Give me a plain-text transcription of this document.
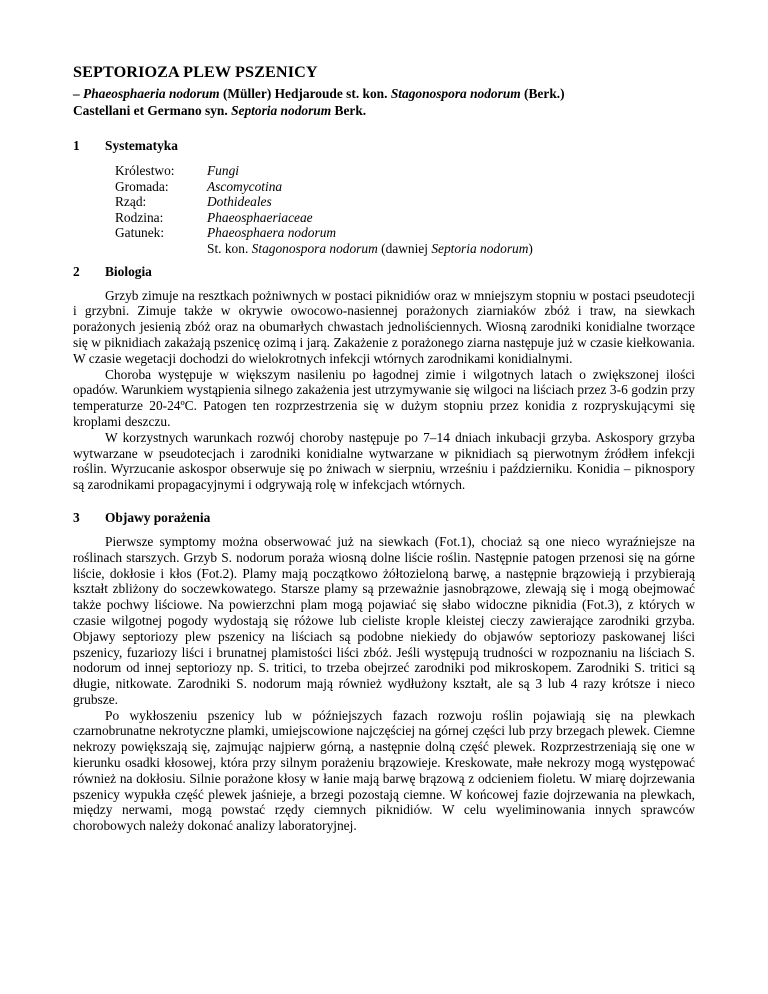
SEPTORIOZA PLEW PSZENICY
– Phaeosphaeria nodorum (Müller) Hedjaroude st. kon. Stagonospora nodorum (Berk.)
Castellani et Germano syn. Septoria nodorum Berk.
1	Systematyka
Królestwo:	Fungi
Gromada:	Ascomycotina
Rząd:	Dothideales
Rodzina:	Phaeosphaeriaceae
Gatunek:	Phaeosphaera nodorum
St. kon. Stagonospora nodorum (dawniej Septoria nodorum)
2	Biologia

Grzyb zimuje na resztkach pożniwnych w postaci piknidiów oraz w mniejszym stopniu w postaci pseudotecji i grzybni. Zimuje także w okrywie owocowo-nasiennej porażonych ziarniaków zbóż i traw, na siewkach porażonych jesienią zbóż oraz na obumarłych chwastach jednoliściennych. Wiosną zarodniki konidialne tworzące się w piknidiach zakażają pszenicę ozimą i jarą. Zakażenie z porażonego ziarna następuje już w czasie kiełkowania. W czasie wegetacji dochodzi do wielokrotnych infekcji wtórnych zarodnikami konidialnymi.

Choroba występuje w większym nasileniu po łagodnej zimie i wilgotnych latach o zwiększonej ilości opadów. Warunkiem wystąpienia silnego zakażenia jest utrzymywanie się wilgoci na liściach przez 3-6 godzin przy temperaturze 20-24ºC. Patogen ten rozprzestrzenia się w dużym stopniu przez konidia z rozpryskującymi się kroplami deszczu.

W korzystnych warunkach rozwój choroby następuje po 7–14 dniach inkubacji grzyba. Askospory grzyba wytwarzane w pseudotecjach i zarodniki konidialne wytwarzane w piknidiach są pierwotnym źródłem infekcji roślin. Wyrzucanie askospor obserwuje się po żniwach w sierpniu, wrześniu i październiku. Konidia – piknospory są zarodnikami propagacyjnymi i odgrywają rolę w infekcjach wtórnych.

3	Objawy porażenia

Pierwsze symptomy można obserwować już na siewkach (Fot.1), chociaż są one nieco wyraźniejsze na roślinach starszych. Grzyb S. nodorum poraża wiosną dolne liście roślin. Następnie patogen przenosi się na górne liście, dokłosie i kłos (Fot.2). Plamy mają początkowo żółtozieloną barwę, a następnie brązowieją i przybierają kształt zbliżony do soczewkowatego. Starsze plamy są przeważnie jasnobrązowe, zlewają się i mogą obejmować także pochwy liściowe. Na powierzchni plam mogą pojawiać się słabo widoczne piknidia (Fot.3), z których w czasie wilgotnej pogody wydostają się różowe lub cieliste krople kleistej cieczy zawierające zarodniki grzyba. Objawy septoriozy plew pszenicy na liściach są podobne niekiedy do objawów septoriozy paskowanej liści pszenicy, fuzariozy liści i brunatnej plamistości liści zbóż. Jeśli występują trudności w rozpoznaniu na liściach S. nodorum od innej septoriozy np. S. tritici, to trzeba obejrzeć zarodniki pod mikroskopem. Zarodniki S. tritici są długie, nitkowate. Zarodniki S. nodorum mają również wydłużony kształt, ale są 3 lub 4 razy krótsze i nieco grubsze.

Po wykłoszeniu pszenicy lub w późniejszych fazach rozwoju roślin pojawiają się na plewkach czarnobrunatne nekrotyczne plamki, umiejscowione najczęściej na górnej części lub przy brzegach plewek. Ciemne nekrozy powiększają się, zajmując najpierw górną, a następnie dolną część plewek. Rozprzestrzeniają się one w kierunku osadki kłosowej, która przy silnym porażeniu brązowieje. Kreskowate, małe nekrozy mogą występować również na dokłosiu. Silnie porażone kłosy w łanie mają barwę brązową z odcieniem fioletu. W miarę dojrzewania pszenicy wypukła część plewek jaśnieje, a brzegi pozostają ciemne. W końcowej fazie dojrzewania na plewkach, między nerwami, mogą powstać rzędy ciemnych piknidiów. W celu wyeliminowania innych sprawców chorobowych należy dokonać analizy laboratoryjnej.
